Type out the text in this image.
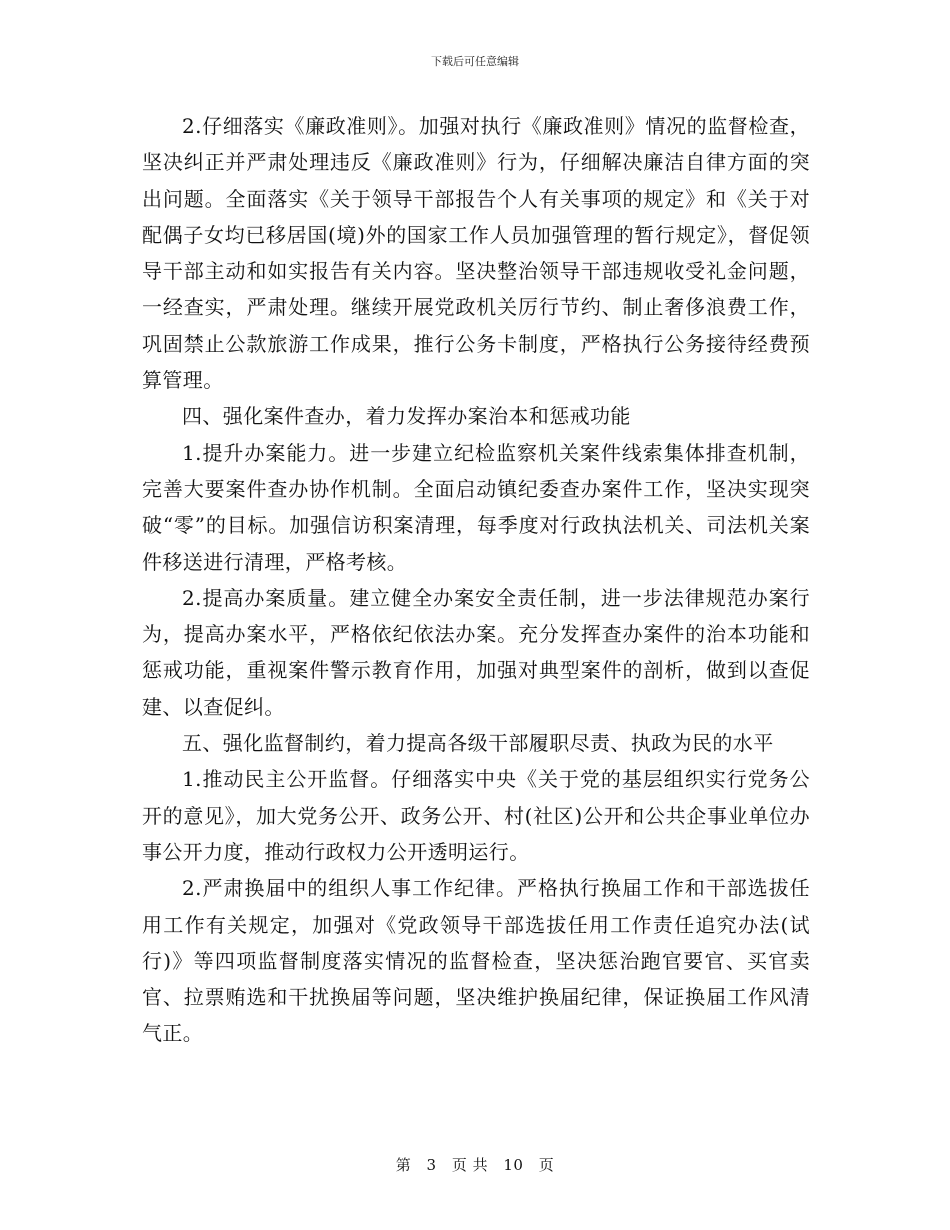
下载后可任意编辑

2.仔细落实《廉政准则》。加强对执行《廉政准则》情况的监督检查，坚决纠正并严肃处理违反《廉政准则》行为，仔细解决廉洁自律方面的突出问题。全面落实《关于领导干部报告个人有关事项的规定》和《关于对配偶子女均已移居国(境)外的国家工作人员加强管理的暂行规定》，督促领导干部主动和如实报告有关内容。坚决整治领导干部违规收受礼金问题，一经查实，严肃处理。继续开展党政机关厉行节约、制止奢侈浪费工作，巩固禁止公款旅游工作成果，推行公务卡制度，严格执行公务接待经费预算管理。

四、强化案件查办，着力发挥办案治本和惩戒功能

1.提升办案能力。进一步建立纪检监察机关案件线索集体排查机制，完善大要案件查办协作机制。全面启动镇纪委查办案件工作，坚决实现突破“零”的目标。加强信访积案清理，每季度对行政执法机关、司法机关案件移送进行清理，严格考核。

2.提高办案质量。建立健全办案安全责任制，进一步法律规范办案行为，提高办案水平，严格依纪依法办案。充分发挥查办案件的治本功能和惩戒功能，重视案件警示教育作用，加强对典型案件的剖析，做到以查促建、以查促纠。

五、强化监督制约，着力提高各级干部履职尽责、执政为民的水平

1.推动民主公开监督。仔细落实中央《关于党的基层组织实行党务公开的意见》，加大党务公开、政务公开、村(社区)公开和公共企事业单位办事公开力度，推动行政权力公开透明运行。

2.严肃换届中的组织人事工作纪律。严格执行换届工作和干部选拔任用工作有关规定，加强对《党政领导干部选拔任用工作责任追究办法(试行)》等四项监督制度落实情况的监督检查，坚决惩治跑官要官、买官卖官、拉票贿选和干扰换届等问题，坚决维护换届纪律，保证换届工作风清气正。

第 3 页 共 10 页
